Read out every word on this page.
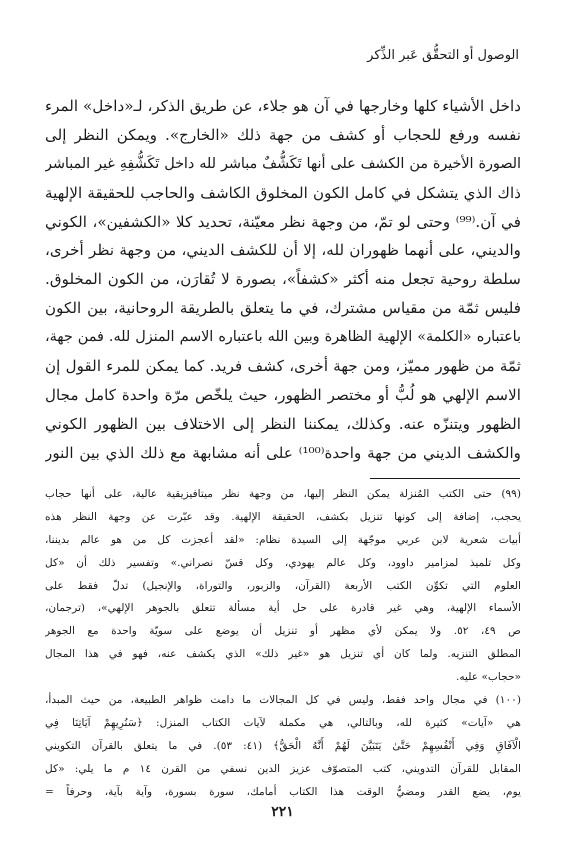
الوصول أو التحقُّق عَبر الذِّكر
داخل الأشياء كلها وخارجها في آن هو جلاء، عن طريق الذكر، لـ«داخل» المرء
نفسه ورفع للحجاب أو كشف من جهة ذلك «الخارج». ويمكن النظر إلى
الصورة الأخيرة من الكشف على أنها تَكَشُّفٌ مباشر لله داخل تَكَشُّفِهِ غير المباشر
ذاك الذي يتشكل في كامل الكون المخلوق الكاشف والحاجب للحقيقة الإلهية
في آن.⁽⁹⁹⁾ وحتى لو تمّ، من وجهة نظر معيّنة، تحديد كلا «الكشفين»، الكوني
والديني، على أنهما ظهوران لله، إلا أن للكشف الديني، من وجهة نظر أخرى،
سلطة روحية تجعل منه أكثر «كشفاً»، بصورة لا تُقارَن، من الكون المخلوق.
فليس ثمّة من مقياس مشترك، في ما يتعلق بالطريقة الروحانية، بين الكون
باعتباره «الكلمة» الإلهية الظاهرة وبين الله باعتباره الاسم المنزل لله. فمن جهة،
ثمّة من ظهور مميّز، ومن جهة أخرى، كشف فريد. كما يمكن للمرء القول إن
الاسم الإلهي هو لُبُّ أو مختصر الظهور، حيث يلخّص مرّة واحدة كامل مجال
الظهور ويتنزّه عنه. وكذلك، يمكننا النظر إلى الاختلاف بين الظهور الكوني
والكشف الديني من جهة واحدة⁽¹⁰⁰⁾ على أنه مشابهة مع ذلك الذي بين النور
(٩٩) حتى الكتب المُنزلة يمكن النظر إليها، من وجهة نظر ميتافيزيقية عالية، على أنها حجاب
يحجب، إضافة إلى كونها تنزيل بكشف، الحقيقة الإلهية. وقد عبّرت عن وجهة النظر هذه
أبيات شعرية لابن عربي موجّهة إلى السيدة نظام: «لقد أعجزت كل من هو عالم بديننا،
وكل تلميذ لمزامير داوود، وكل عالم يهودي، وكل قسّ نصراني.» وتفسير ذلك أن «كل
العلوم التي تكوِّن الكتب الأربعة (القرآن، والزبور، والتوراة، والإنجيل) تدلّ فقط على
الأسماء الإلهية، وهي غير قادرة على حل أية مسألة تتعلق بالجوهر الإلهي»، (ترجمان،
ص ٤٩، ٥٢. ولا يمكن لأي مظهر أو تنزيل أن يوضع على سويّة واحدة مع الجوهر
المطلق التنزيه. ولما كان أي تنزيل هو «غير ذلك» الذي يكشف عنه، فهو في هذا المجال
«حجاب» عليه.
(١٠٠) في مجال واحد فقط، وليس في كل المجالات ما دامت ظواهر الطبيعة، من حيث المبدأ،
هي «آيات» كثيرة لله، وبالتالي، هي مكملة لآيات الكتاب المنزل: ﴿سَنُرِيهِمْ آيَاتِنَا فِي
الْآفَاقِ وَفِي أَنْفُسِهِمْ حَتَّىٰ يَتَبَيَّنَ لَهُمْ أَنَّهُ الْحَقُّ﴾ (٤١: ٥٣). في ما يتعلق بالقرآن التكويني
المقابل للقرآن التدويني، كتب المتصوّف عزيز الدين نسفي من القرن ١٤ م ما يلي: «كل
يوم، يضع القدر ومضيُّ الوقت هذا الكتاب أمامك، سورة بسورة، وآية بآية، وحرفاً =
٢٢١
